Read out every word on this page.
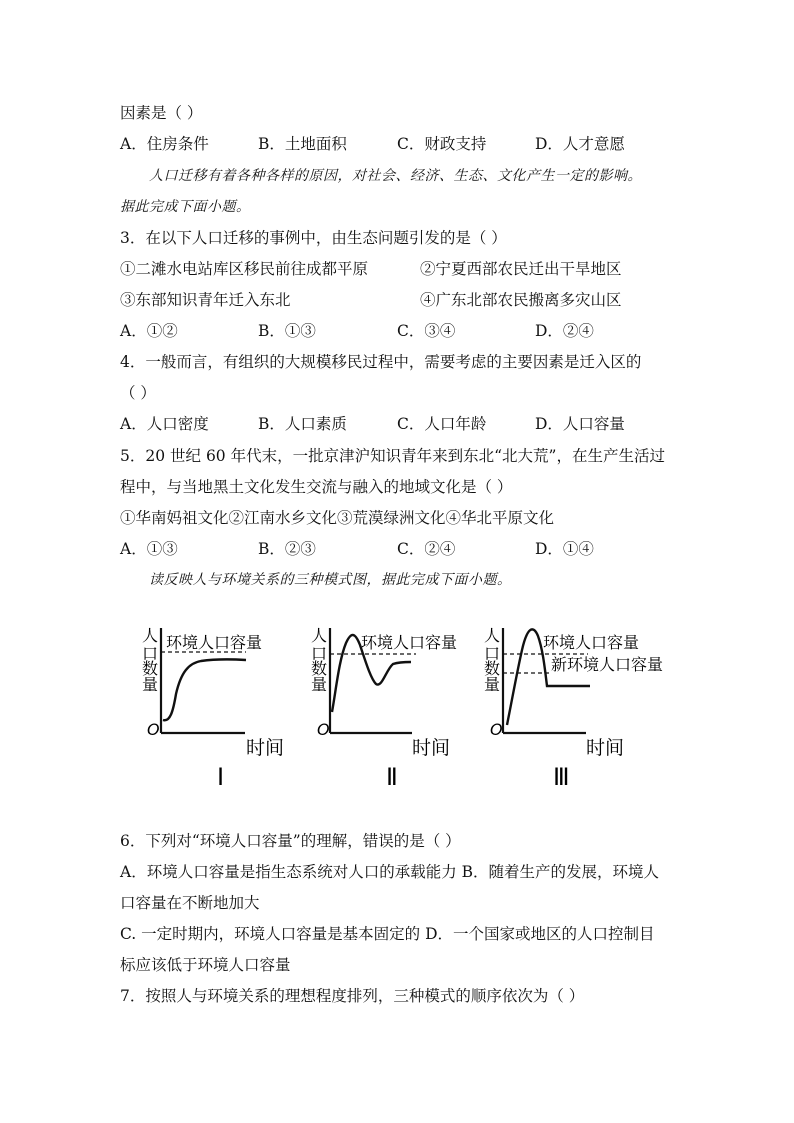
因素是（ ）
A．住房条件	B．土地面积	C．财政支持	D．人才意愿
人口迁移有着各种各样的原因，对社会、经济、生态、文化产生一定的影响。
据此完成下面小题。
3．在以下人口迁移的事例中，由生态问题引发的是（ ）
①二滩水电站库区移民前往成都平原	②宁夏西部农民迁出干旱地区
③东部知识青年迁入东北	④广东北部农民搬离多灾山区
A．①②	B．①③	C．③④	D．②④
4．一般而言，有组织的大规模移民过程中，需要考虑的主要因素是迁入区的
（ ）
A．人口密度	B．人口素质	C．人口年龄	D．人口容量
5．20 世纪 60 年代末，一批京津沪知识青年来到东北“北大荒”，在生产生活过
程中，与当地黑土文化发生交流与融入的地域文化是（ ）
①华南妈祖文化②江南水乡文化③荒漠绿洲文化④华北平原文化
A．①③	B．②③	C．②④	D．①④
读反映人与环境关系的三种模式图，据此完成下面小题。
人
口
数
量
O
时间
环境人口容量
Ⅰ
人
口
数
量
O
时间
环境人口容量
Ⅱ
人
口
数
量
O
时间
环境人口容量
新环境人口容量
Ⅲ
6．下列对“环境人口容量”的理解，错误的是（ ）
A．环境人口容量是指生态系统对人口的承载能力 B．随着生产的发展，环境人
口容量在不断地加大
C. 一定时期内，环境人口容量是基本固定的 D．一个国家或地区的人口控制目
标应该低于环境人口容量
7．按照人与环境关系的理想程度排列，三种模式的顺序依次为（ ）
